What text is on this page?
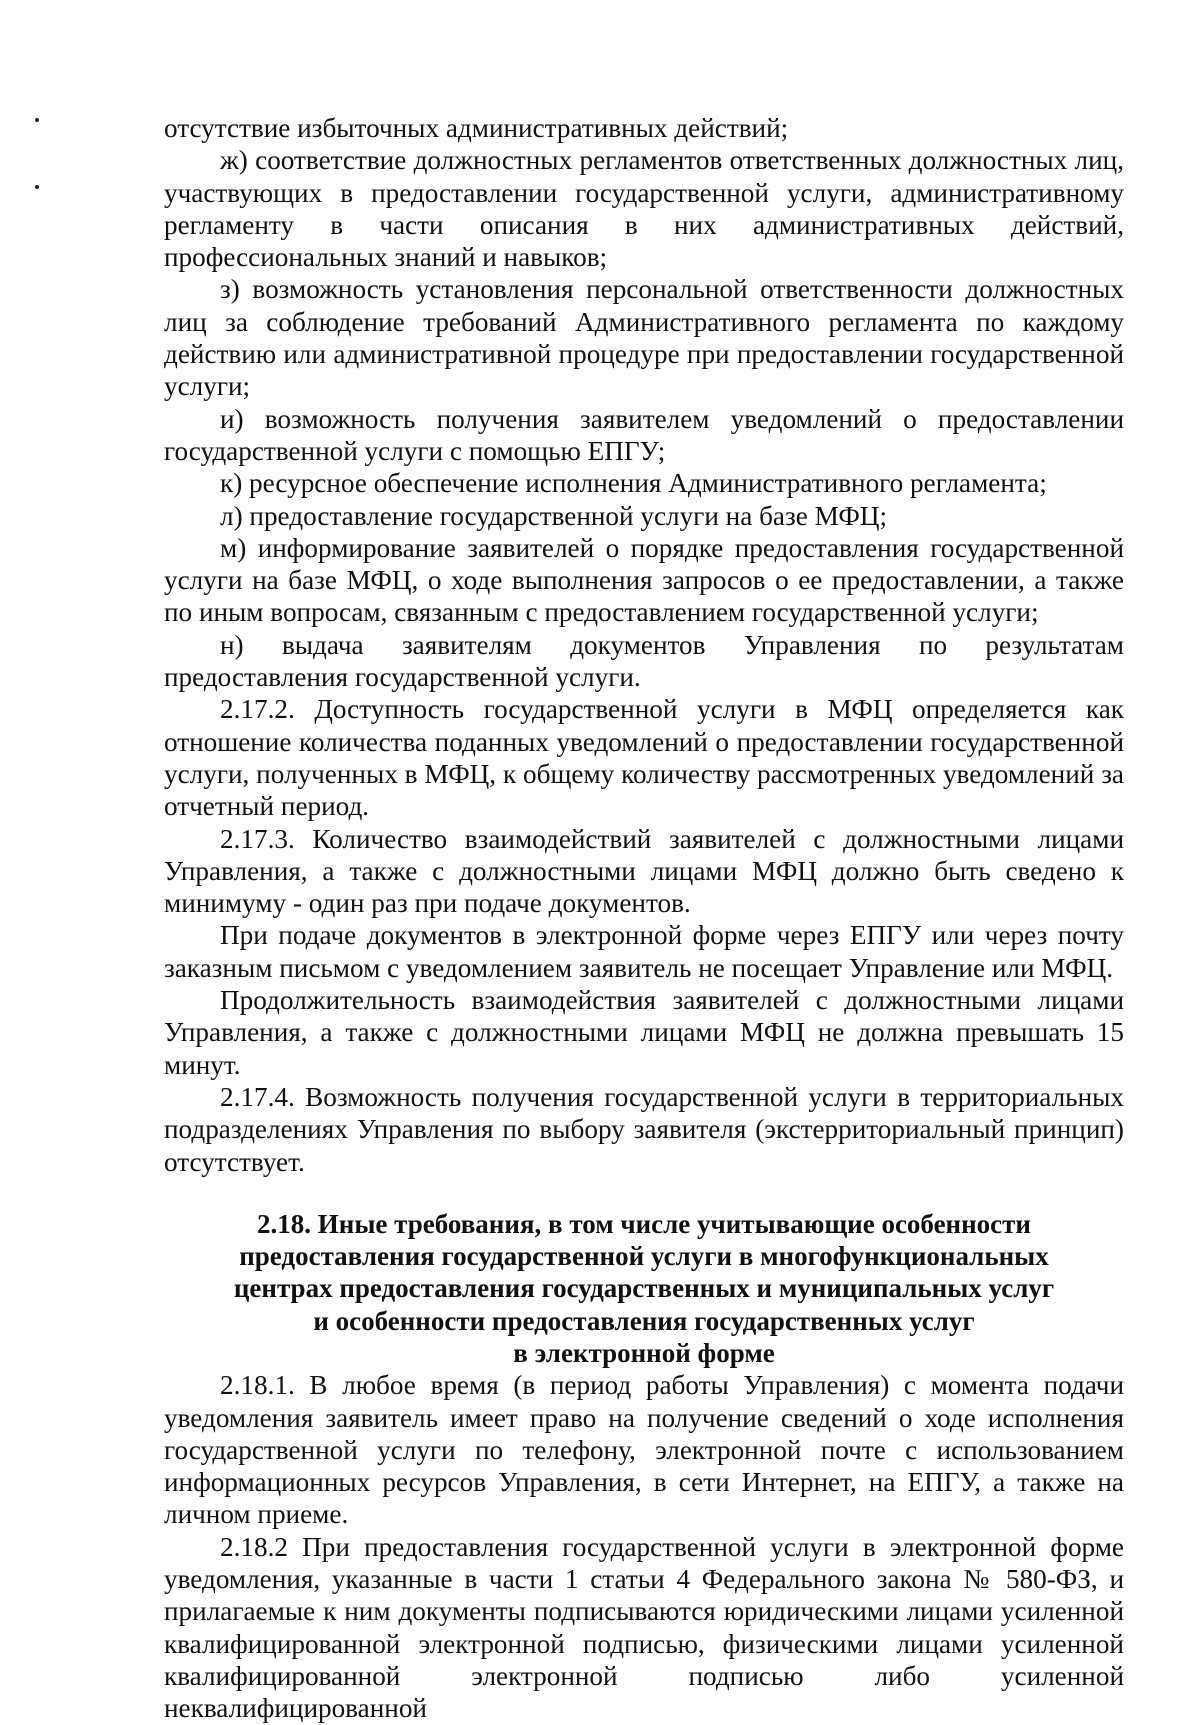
отсутствие избыточных административных действий;

ж) соответствие должностных регламентов ответственных должностных лиц, участвующих в предоставлении государственной услуги, административному регламенту в части описания в них административных действий, профессиональных знаний и навыков;

з) возможность установления персональной ответственности должностных лиц за соблюдение требований Административного регламента по каждому действию или административной процедуре при предоставлении государственной услуги;

и) возможность получения заявителем уведомлений о предоставлении государственной услуги с помощью ЕПГУ;

к) ресурсное обеспечение исполнения Административного регламента;

л) предоставление государственной услуги на базе МФЦ;

м) информирование заявителей о порядке предоставления государственной услуги на базе МФЦ, о ходе выполнения запросов о ее предоставлении, а также по иным вопросам, связанным с предоставлением государственной услуги;

н) выдача заявителям документов Управления по результатам предоставления государственной услуги.

2.17.2. Доступность государственной услуги в МФЦ определяется как отношение количества поданных уведомлений о предоставлении государственной услуги, полученных в МФЦ, к общему количеству рассмотренных уведомлений за отчетный период.

2.17.3. Количество взаимодействий заявителей с должностными лицами Управления, а также с должностными лицами МФЦ должно быть сведено к минимуму - один раз при подаче документов.

При подаче документов в электронной форме через ЕПГУ или через почту заказным письмом с уведомлением заявитель не посещает Управление или МФЦ.

Продолжительность взаимодействия заявителей с должностными лицами Управления, а также с должностными лицами МФЦ не должна превышать 15 минут.

2.17.4. Возможность получения государственной услуги в территориальных подразделениях Управления по выбору заявителя (экстерриториальный принцип) отсутствует.

2.18. Иные требования, в том числе учитывающие особенности
предоставления государственной услуги в многофункциональных
центрах предоставления государственных и муниципальных услуг
и особенности предоставления государственных услуг
в электронной форме

2.18.1. В любое время (в период работы Управления) с момента подачи уведомления заявитель имеет право на получение сведений о ходе исполнения государственной услуги по телефону, электронной почте с использованием информационных ресурсов Управления, в сети Интернет, на ЕПГУ, а также на личном приеме.

2.18.2 При предоставления государственной услуги в электронной форме уведомления, указанные в части 1 статьи 4 Федерального закона № 580-ФЗ, и прилагаемые к ним документы подписываются юридическими лицами усиленной квалифицированной электронной подписью, физическими лицами усиленной квалифицированной электронной подписью либо усиленной неквалифицированной
